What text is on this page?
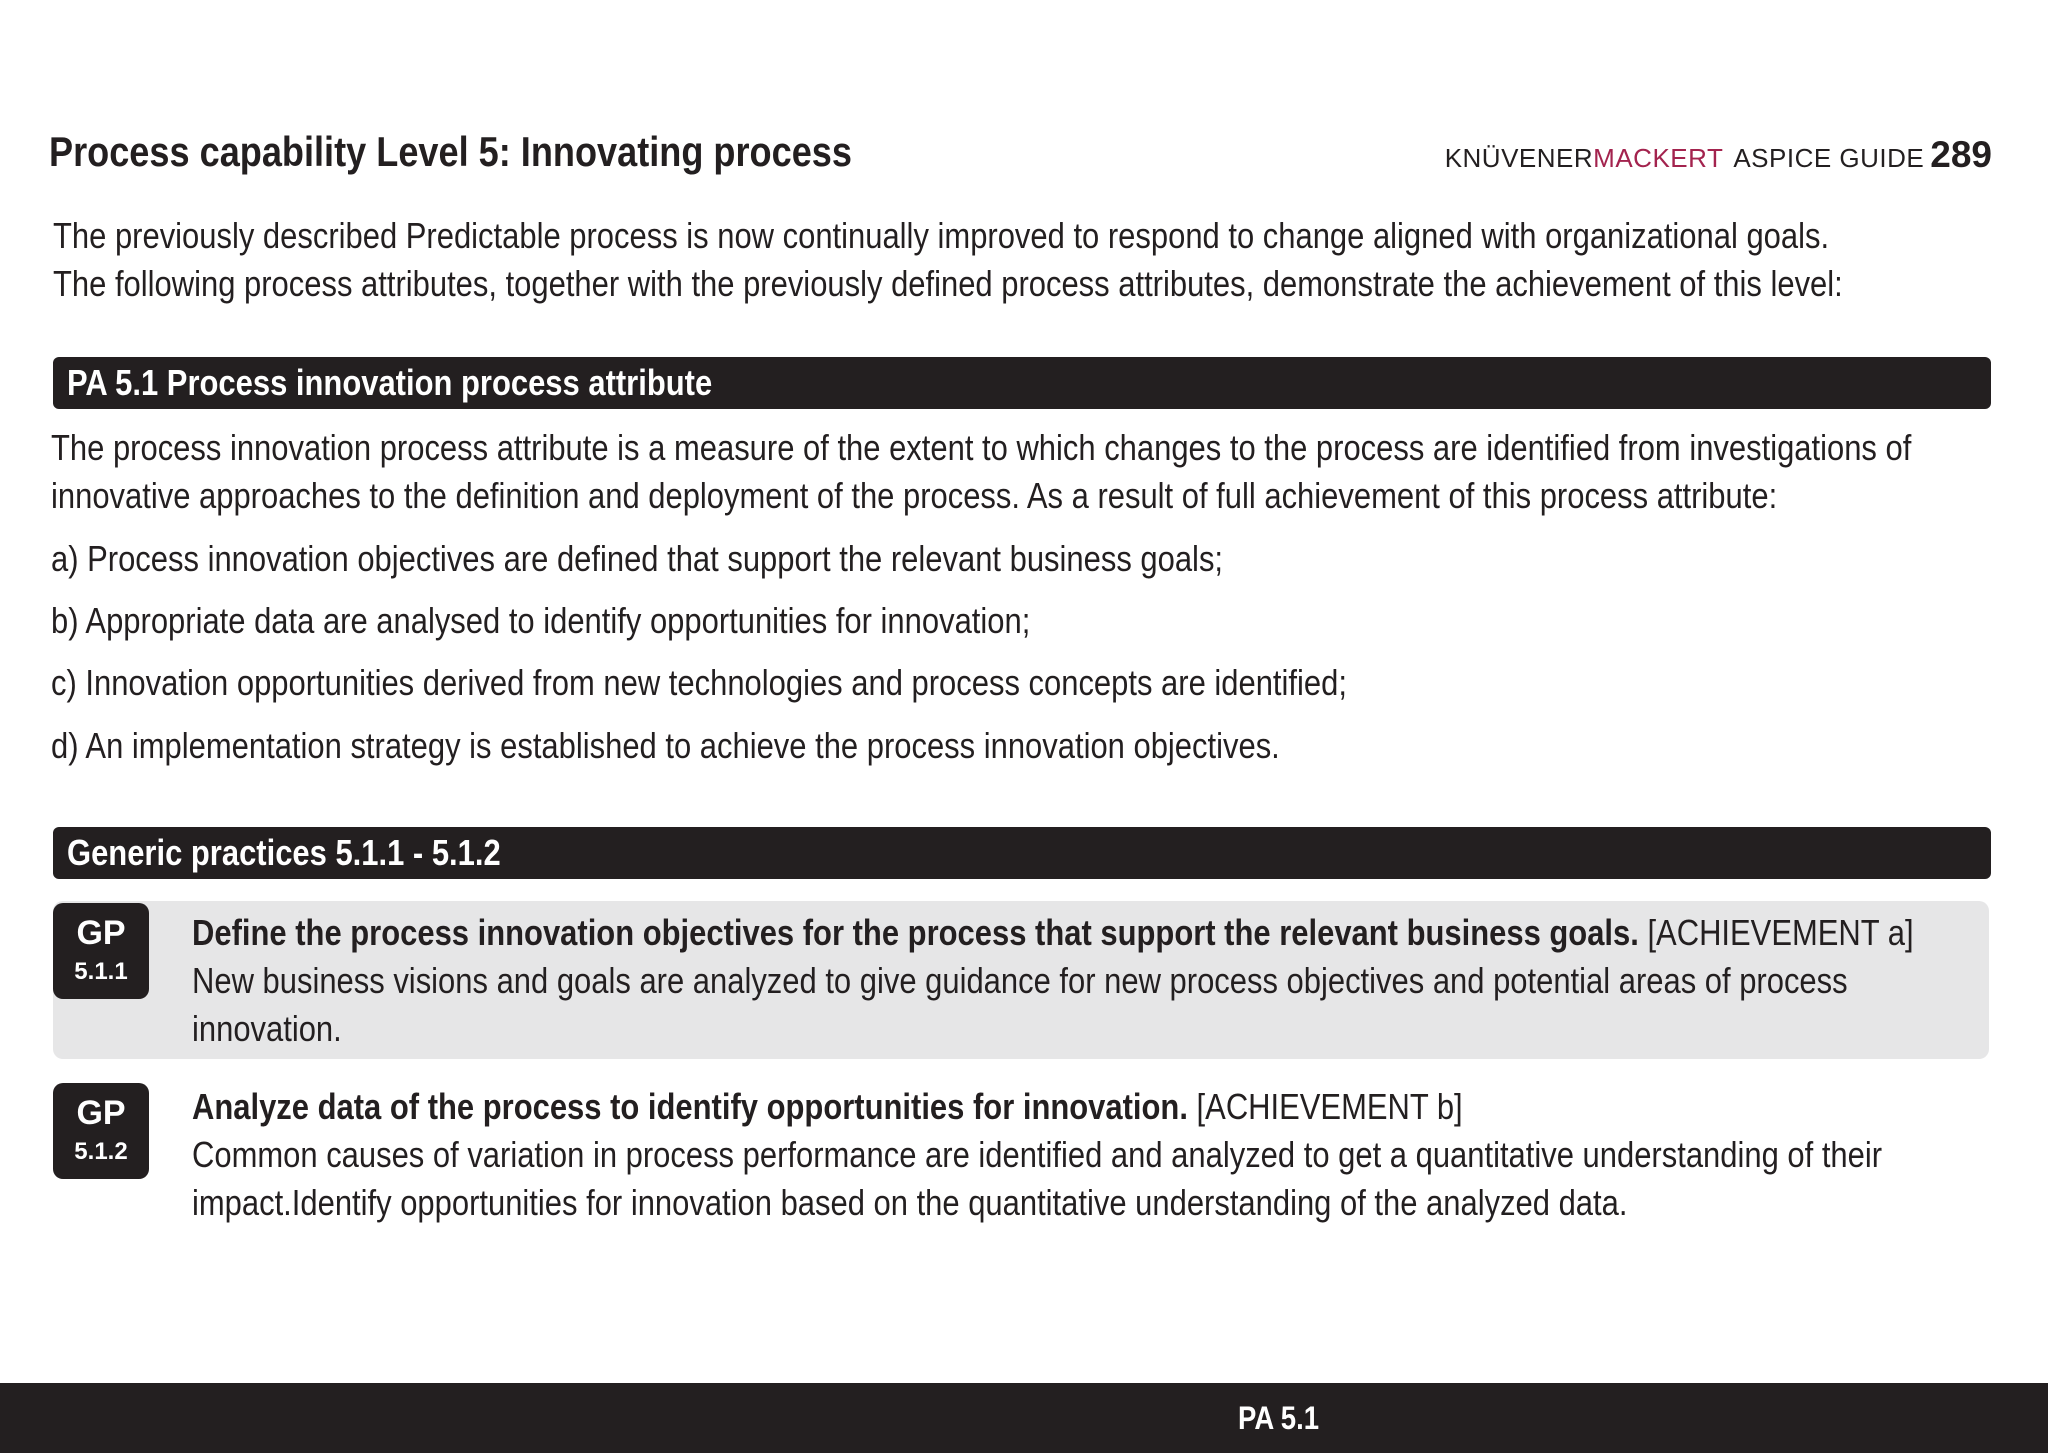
Process capability Level 5: Innovating process	KNÜVENER MACKERT ASPICE GUIDE 289
The previously described Predictable process is now continually improved to respond to change aligned with organizational goals.
The following process attributes, together with the previously defined process attributes, demonstrate the achievement of this level:
PA 5.1 Process innovation process attribute
The process innovation process attribute is a measure of the extent to which changes to the process are identified from investigations of
innovative approaches to the definition and deployment of the process. As a result of full achievement of this process attribute:
a) Process innovation objectives are defined that support the relevant business goals;
b) Appropriate data are analysed to identify opportunities for innovation;
c) Innovation opportunities derived from new technologies and process concepts are identified;
d) An implementation strategy is established to achieve the process innovation objectives.
Generic practices 5.1.1 - 5.1.2
GP
5.1.1
Define the process innovation objectives for the process that support the relevant business goals. [ACHIEVEMENT a]
New business visions and goals are analyzed to give guidance for new process objectives and potential areas of process
innovation.
GP
5.1.2
Analyze data of the process to identify opportunities for innovation. [ACHIEVEMENT b]
Common causes of variation in process performance are identified and analyzed to get a quantitative understanding of their
impact.Identify opportunities for innovation based on the quantitative understanding of the analyzed data.
PA 5.1
